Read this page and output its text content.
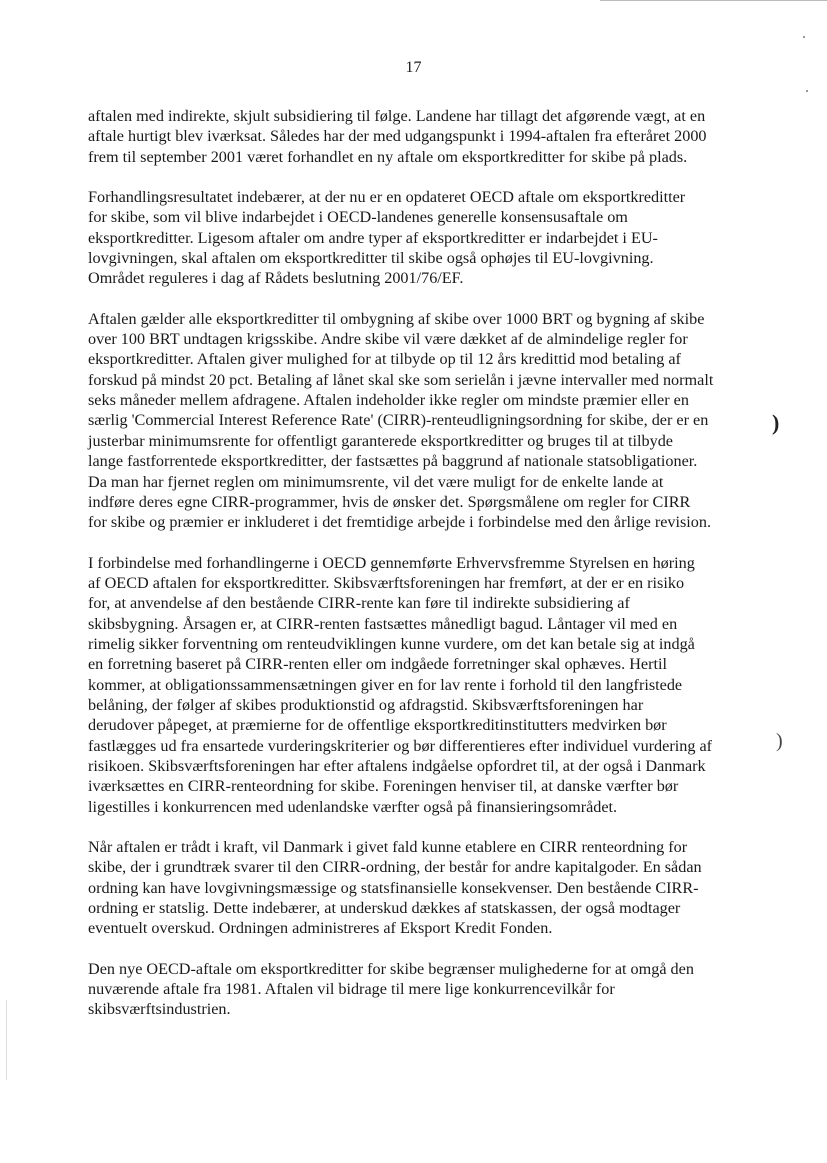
17

aftalen med indirekte, skjult subsidiering til følge. Landene har tillagt det afgørende vægt, at en
aftale hurtigt blev iværksat. Således har der med udgangspunkt i 1994-aftalen fra efteråret 2000
frem til september 2001 været forhandlet en ny aftale om eksportkreditter for skibe på plads.

Forhandlingsresultatet indebærer, at der nu er en opdateret OECD aftale om eksportkreditter
for skibe, som vil blive indarbejdet i OECD-landenes generelle konsensusaftale om
eksportkreditter. Ligesom aftaler om andre typer af eksportkreditter er indarbejdet i EU-
lovgivningen, skal aftalen om eksportkreditter til skibe også ophøjes til EU-lovgivning.
Området reguleres i dag af Rådets beslutning 2001/76/EF.

Aftalen gælder alle eksportkreditter til ombygning af skibe over 1000 BRT og bygning af skibe
over 100 BRT undtagen krigsskibe. Andre skibe vil være dækket af de almindelige regler for
eksportkreditter. Aftalen giver mulighed for at tilbyde op til 12 års kredittid mod betaling af
forskud på mindst 20 pct. Betaling af lånet skal ske som serielån i jævne intervaller med normalt
seks måneder mellem afdragene. Aftalen indeholder ikke regler om mindste præmier eller en
særlig 'Commercial Interest Reference Rate' (CIRR)-renteudligningsordning for skibe, der er en
justerbar minimumsrente for offentligt garanterede eksportkreditter og bruges til at tilbyde
lange fastforrentede eksportkreditter, der fastsættes på baggrund af nationale statsobligationer.
Da man har fjernet reglen om minimumsrente, vil det være muligt for de enkelte lande at
indføre deres egne CIRR-programmer, hvis de ønsker det. Spørgsmålene om regler for CIRR
for skibe og præmier er inkluderet i det fremtidige arbejde i forbindelse med den årlige revision.

I forbindelse med forhandlingerne i OECD gennemførte Erhvervsfremme Styrelsen en høring
af OECD aftalen for eksportkreditter. Skibsværftsforeningen har fremført, at der er en risiko
for, at anvendelse af den bestående CIRR-rente kan føre til indirekte subsidiering af
skibsbygning. Årsagen er, at CIRR-renten fastsættes månedligt bagud. Låntager vil med en
rimelig sikker forventning om renteudviklingen kunne vurdere, om det kan betale sig at indgå
en forretning baseret på CIRR-renten eller om indgåede forretninger skal ophæves. Hertil
kommer, at obligationssammensætningen giver en for lav rente i forhold til den langfristede
belåning, der følger af skibes produktionstid og afdragstid. Skibsværftsforeningen har
derudover påpeget, at præmierne for de offentlige eksportkreditinstitutters medvirken bør
fastlægges ud fra ensartede vurderingskriterier og bør differentieres efter individuel vurdering af
risikoen. Skibsværftsforeningen har efter aftalens indgåelse opfordret til, at der også i Danmark
iværksættes en CIRR-renteordning for skibe. Foreningen henviser til, at danske værfter bør
ligestilles i konkurrencen med udenlandske værfter også på finansieringsområdet.

Når aftalen er trådt i kraft, vil Danmark i givet fald kunne etablere en CIRR renteordning for
skibe, der i grundtræk svarer til den CIRR-ordning, der består for andre kapitalgoder. En sådan
ordning kan have lovgivningsmæssige og statsfinansielle konsekvenser. Den bestående CIRR-
ordning er statslig. Dette indebærer, at underskud dækkes af statskassen, der også modtager
eventuelt overskud. Ordningen administreres af Eksport Kredit Fonden.

Den nye OECD-aftale om eksportkreditter for skibe begrænser mulighederne for at omgå den
nuværende aftale fra 1981. Aftalen vil bidrage til mere lige konkurrencevilkår for
skibsværftsindustrien.

)
)
